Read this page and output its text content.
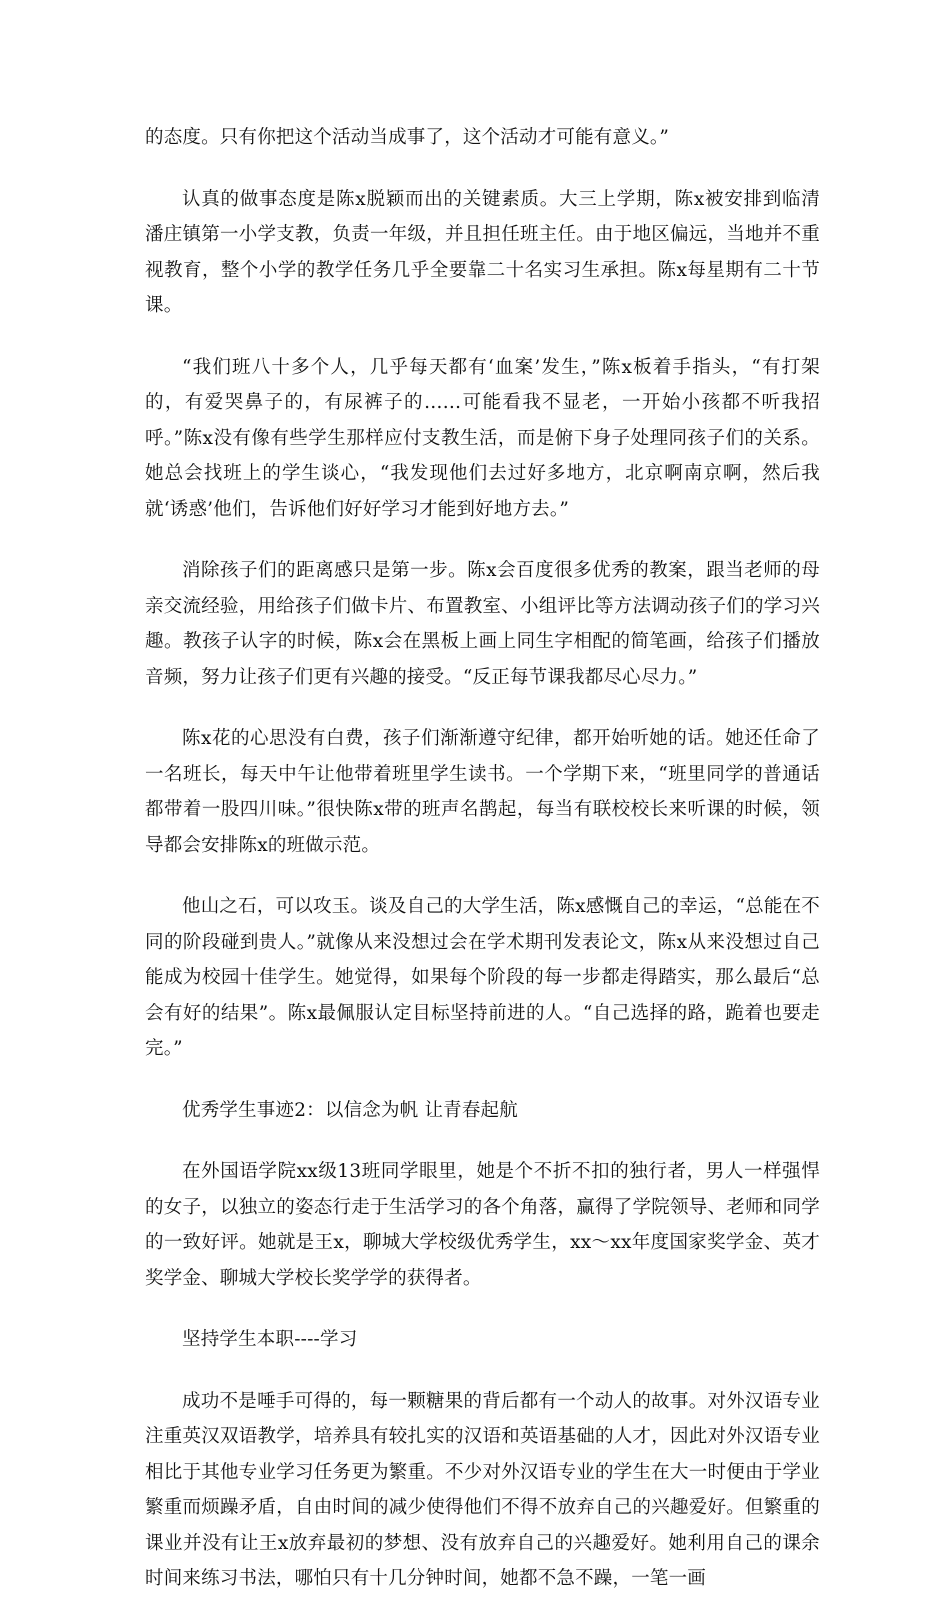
的态度。只有你把这个活动当成事了，这个活动才可能有意义。”

认真的做事态度是陈x脱颖而出的关键素质。大三上学期，陈x被安排到临清潘庄镇第一小学支教，负责一年级，并且担任班主任。由于地区偏远，当地并不重视教育，整个小学的教学任务几乎全要靠二十名实习生承担。陈x每星期有二十节课。

“我们班八十多个人，几乎每天都有‘血案’发生，”陈x板着手指头，“有打架的，有爱哭鼻子的，有尿裤子的……可能看我不显老，一开始小孩都不听我招呼。”陈x没有像有些学生那样应付支教生活，而是俯下身子处理同孩子们的关系。她总会找班上的学生谈心，“我发现他们去过好多地方，北京啊南京啊，然后我就‘诱惑’他们，告诉他们好好学习才能到好地方去。”

消除孩子们的距离感只是第一步。陈x会百度很多优秀的教案，跟当老师的母亲交流经验，用给孩子们做卡片、布置教室、小组评比等方法调动孩子们的学习兴趣。教孩子认字的时候，陈x会在黑板上画上同生字相配的简笔画，给孩子们播放音频，努力让孩子们更有兴趣的接受。“反正每节课我都尽心尽力。”

陈x花的心思没有白费，孩子们渐渐遵守纪律，都开始听她的话。她还任命了一名班长，每天中午让他带着班里学生读书。一个学期下来，“班里同学的普通话都带着一股四川味。”很快陈x带的班声名鹊起，每当有联校校长来听课的时候，领导都会安排陈x的班做示范。

他山之石，可以攻玉。谈及自己的大学生活，陈x感慨自己的幸运，“总能在不同的阶段碰到贵人。”就像从来没想过会在学术期刊发表论文，陈x从来没想过自己能成为校园十佳学生。她觉得，如果每个阶段的每一步都走得踏实，那么最后“总会有好的结果”。陈x最佩服认定目标坚持前进的人。“自己选择的路，跪着也要走完。”

优秀学生事迹2：以信念为帆 让青春起航

在外国语学院xx级13班同学眼里，她是个不折不扣的独行者，男人一样强悍的女子，以独立的姿态行走于生活学习的各个角落，赢得了学院领导、老师和同学的一致好评。她就是王x，聊城大学校级优秀学生，xx～xx年度国家奖学金、英才奖学金、聊城大学校长奖学学的获得者。

坚持学生本职----学习

成功不是唾手可得的，每一颗糖果的背后都有一个动人的故事。对外汉语专业注重英汉双语教学，培养具有较扎实的汉语和英语基础的人才，因此对外汉语专业相比于其他专业学习任务更为繁重。不少对外汉语专业的学生在大一时便由于学业繁重而烦躁矛盾，自由时间的减少使得他们不得不放弃自己的兴趣爱好。但繁重的课业并没有让王x放弃最初的梦想、没有放弃自己的兴趣爱好。她利用自己的课余时间来练习书法，哪怕只有十几分钟时间，她都不急不躁，一笔一画
